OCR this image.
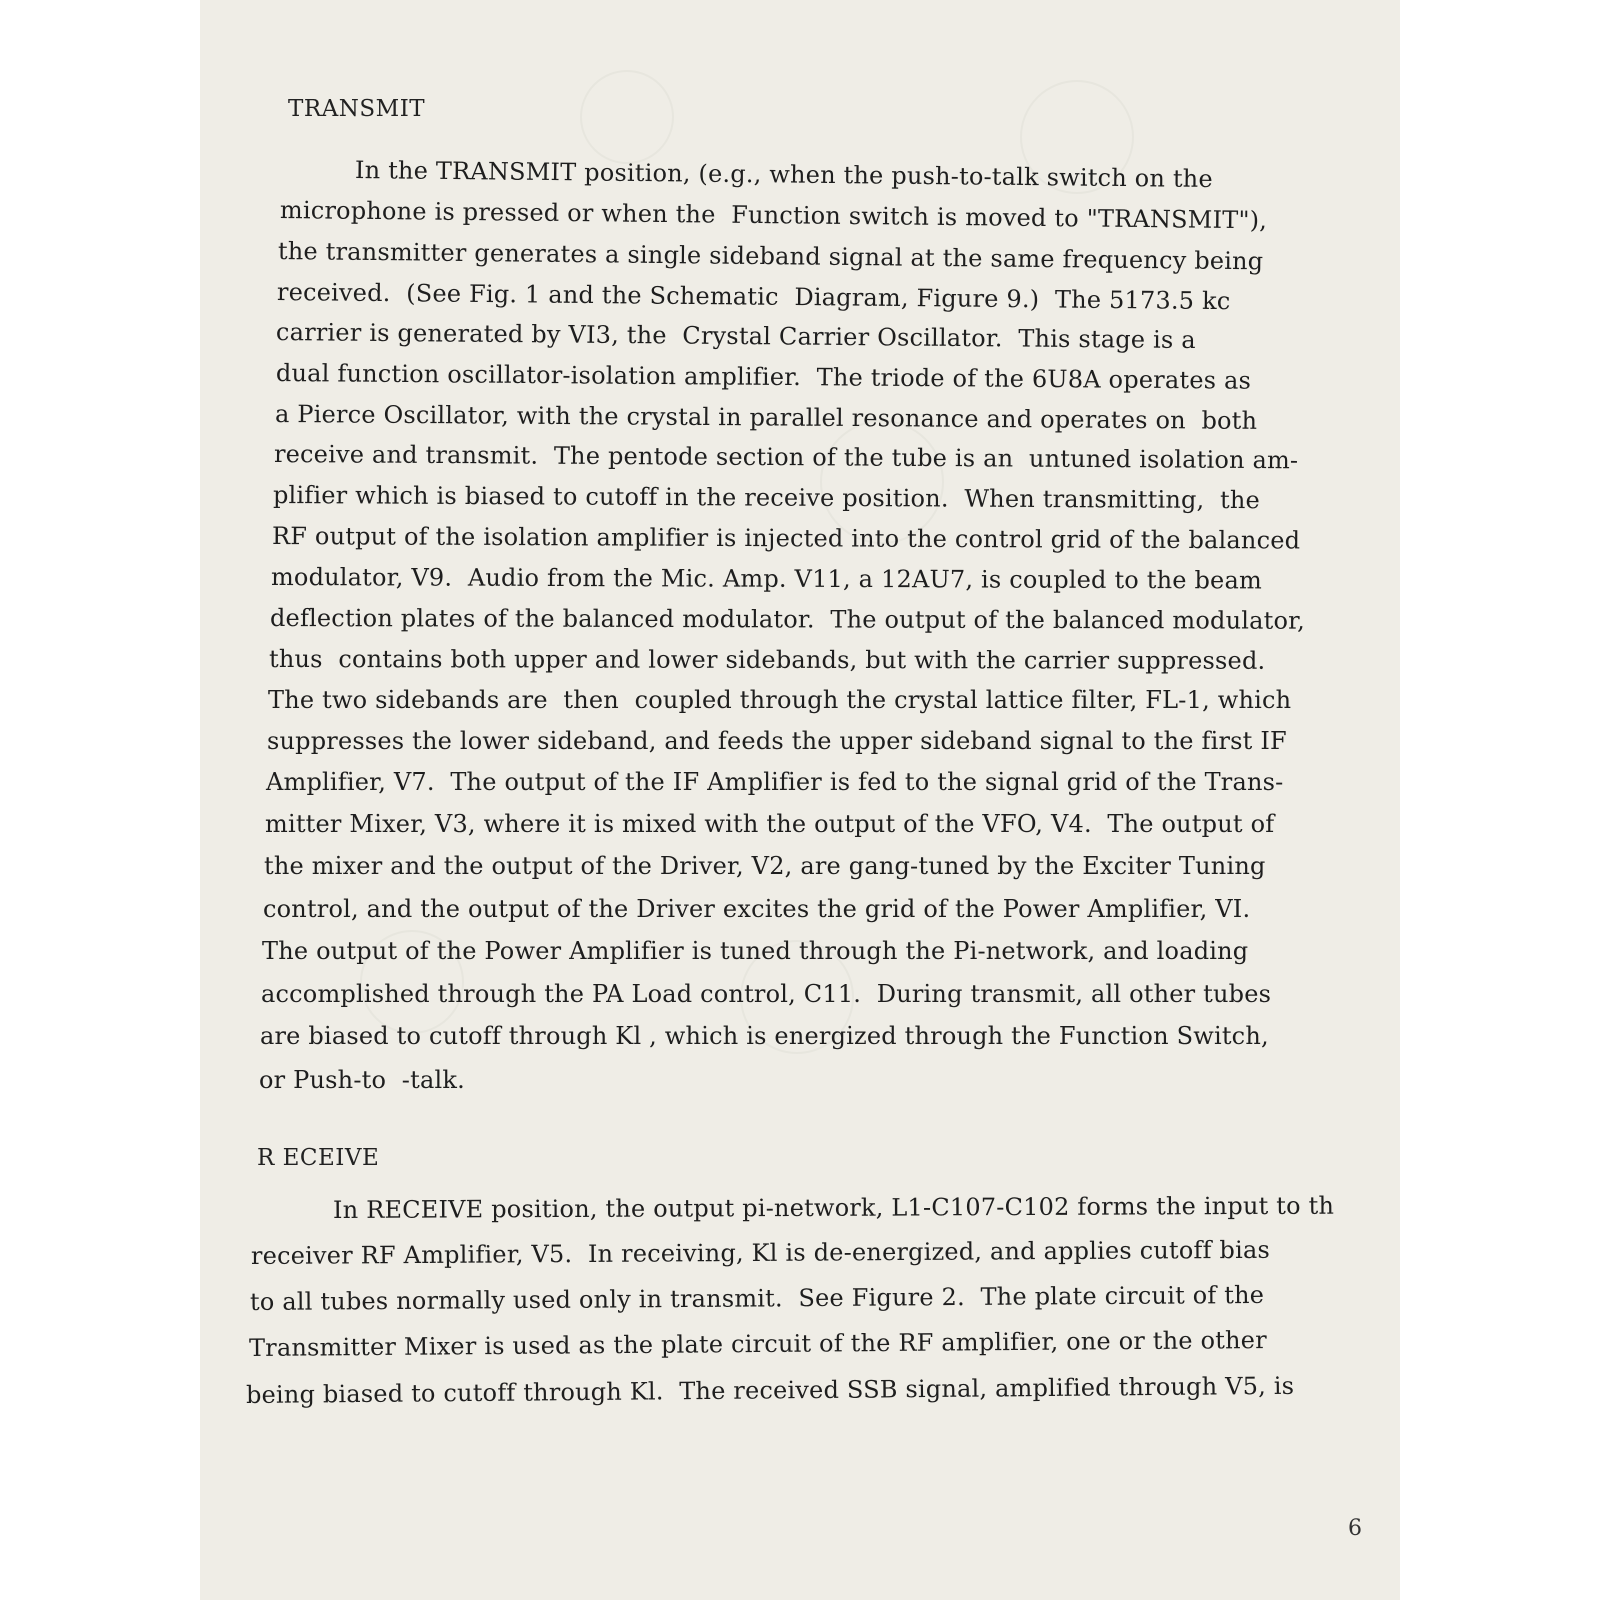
TRANSMIT
In the TRANSMIT position, (e.g., when the push-to-talk switch on the
microphone is pressed or when the  Function switch is moved to "TRANSMIT"),
the transmitter generates a single sideband signal at the same frequency being
received.  (See Fig. 1 and the Schematic  Diagram, Figure 9.)  The 5173.5 kc
carrier is generated by VI3, the  Crystal Carrier Oscillator.  This stage is a
dual function oscillator-isolation amplifier.  The triode of the 6U8A operates as
a Pierce Oscillator, with the crystal in parallel resonance and operates on  both
receive and transmit.  The pentode section of the tube is an  untuned isolation am-
plifier which is biased to cutoff in the receive position.  When transmitting,  the
RF output of the isolation amplifier is injected into the control grid of the balanced
modulator, V9.  Audio from the Mic. Amp. V11, a 12AU7, is coupled to the beam
deflection plates of the balanced modulator.  The output of the balanced modulator,
thus  contains both upper and lower sidebands, but with the carrier suppressed.
The two sidebands are  then  coupled through the crystal lattice filter, FL-1, which
suppresses the lower sideband, and feeds the upper sideband signal to the first IF
Amplifier, V7.  The output of the IF Amplifier is fed to the signal grid of the Trans-
mitter Mixer, V3, where it is mixed with the output of the VFO, V4.  The output of
the mixer and the output of the Driver, V2, are gang-tuned by the Exciter Tuning
control, and the output of the Driver excites the grid of the Power Amplifier, VI.
The output of the Power Amplifier is tuned through the Pi-network, and loading
accomplished through the PA Load control, C11.  During transmit, all other tubes
are biased to cutoff through Kl , which is energized through the Function Switch,
or Push-to  -talk.
R ECEIVE
In RECEIVE position, the output pi-network, L1-C107-C102 forms the input to th
receiver RF Amplifier, V5.  In receiving, Kl is de-energized, and applies cutoff bias
to all tubes normally used only in transmit.  See Figure 2.  The plate circuit of the
Transmitter Mixer is used as the plate circuit of the RF amplifier, one or the other
being biased to cutoff through Kl.  The received SSB signal, amplified through V5, is
6
